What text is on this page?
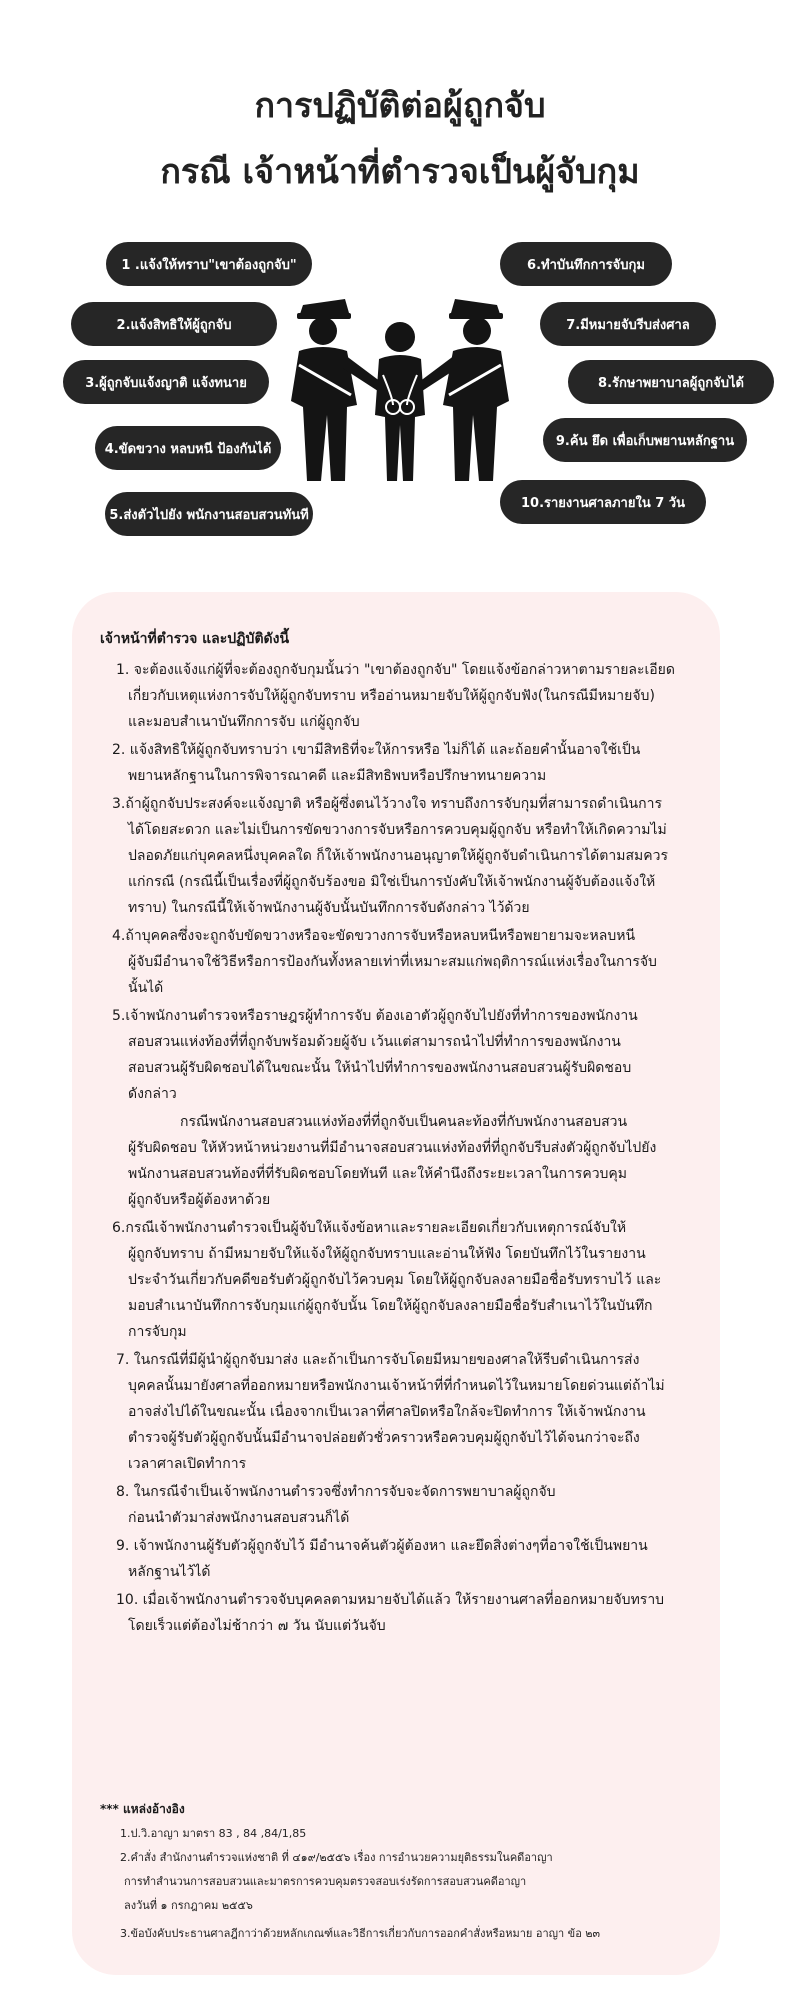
การปฏิบัติต่อผู้ถูกจับ
กรณี เจ้าหน้าที่ตำรวจเป็นผู้จับกุม
1 .แจ้งให้ทราบ"เขาต้องถูกจับ"
2.แจ้งสิทธิให้ผู้ถูกจับ
3.ผู้ถูกจับแจ้งญาติ แจ้งทนาย
4.ขัดขวาง หลบหนี ป้องกันได้
5.ส่งตัวไปยัง พนักงานสอบสวนทันที
6.ทำบันทึกการจับกุม
7.มีหมายจับรีบส่งศาล
8.รักษาพยาบาลผู้ถูกจับได้
9.ค้น ยึด เพื่อเก็บพยานหลักฐาน
10.รายงานศาลภายใน 7 วัน
เจ้าหน้าที่ตำรวจ และปฏิบัติดังนี้
1. จะต้องแจ้งแก่ผู้ที่จะต้องถูกจับกุมนั้นว่า "เขาต้องถูกจับ" โดยแจ้งข้อกล่าวหาตามรายละเอียด
เกี่ยวกับเหตุแห่งการจับให้ผู้ถูกจับทราบ หรืออ่านหมายจับให้ผู้ถูกจับฟัง(ในกรณีมีหมายจับ)
และมอบสำเนาบันทึกการจับ แก่ผู้ถูกจับ
2. แจ้งสิทธิให้ผู้ถูกจับทราบว่า เขามีสิทธิที่จะให้การหรือ ไม่ก็ได้ และถ้อยคำนั้นอาจใช้เป็น
พยานหลักฐานในการพิจารณาคดี และมีสิทธิพบหรือปรึกษาทนายความ
3.ถ้าผู้ถูกจับประสงค์จะแจ้งญาติ หรือผู้ซึ่งตนไว้วางใจ ทราบถึงการจับกุมที่สามารถดำเนินการ
ได้โดยสะดวก และไม่เป็นการขัดขวางการจับหรือการควบคุมผู้ถูกจับ หรือทำให้เกิดความไม่
ปลอดภัยแก่บุคคลหนึ่งบุคคลใด ก็ให้เจ้าพนักงานอนุญาตให้ผู้ถูกจับดำเนินการได้ตามสมควร
แก่กรณี (กรณีนี้เป็นเรื่องที่ผู้ถูกจับร้องขอ มิใช่เป็นการบังคับให้เจ้าพนักงานผู้จับต้องแจ้งให้
ทราบ) ในกรณีนี้ให้เจ้าพนักงานผู้จับนั้นบันทึกการจับดังกล่าว ไว้ด้วย
4.ถ้าบุคคลซึ่งจะถูกจับขัดขวางหรือจะขัดขวางการจับหรือหลบหนีหรือพยายามจะหลบหนี
ผู้จับมีอำนาจใช้วิธีหรือการป้องกันทั้งหลายเท่าที่เหมาะสมแก่พฤติการณ์แห่งเรื่องในการจับ
นั้นได้
5.เจ้าพนักงานตำรวจหรือราษฎรผู้ทำการจับ ต้องเอาตัวผู้ถูกจับไปยังที่ทำการของพนักงาน
สอบสวนแห่งท้องที่ที่ถูกจับพร้อมด้วยผู้จับ เว้นแต่สามารถนำไปที่ทำการของพนักงาน
สอบสวนผู้รับผิดชอบได้ในขณะนั้น ให้นำไปที่ทำการของพนักงานสอบสวนผู้รับผิดชอบ
ดังกล่าว
กรณีพนักงานสอบสวนแห่งท้องที่ที่ถูกจับเป็นคนละท้องที่กับพนักงานสอบสวน
ผู้รับผิดชอบ ให้หัวหน้าหน่วยงานที่มีอำนาจสอบสวนแห่งท้องที่ที่ถูกจับรีบส่งตัวผู้ถูกจับไปยัง
พนักงานสอบสวนท้องที่ที่รับผิดชอบโดยทันที และให้คำนึงถึงระยะเวลาในการควบคุม
ผู้ถูกจับหรือผู้ต้องหาด้วย
6.กรณีเจ้าพนักงานตำรวจเป็นผู้จับให้แจ้งข้อหาและรายละเอียดเกี่ยวกับเหตุการณ์จับให้
ผู้ถูกจับทราบ ถ้ามีหมายจับให้แจ้งให้ผู้ถูกจับทราบและอ่านให้ฟัง โดยบันทึกไว้ในรายงาน
ประจำวันเกี่ยวกับคดีขอรับตัวผู้ถูกจับไว้ควบคุม โดยให้ผู้ถูกจับลงลายมือชื่อรับทราบไว้ และ
มอบสำเนาบันทึกการจับกุมแก่ผู้ถูกจับนั้น โดยให้ผู้ถูกจับลงลายมือชื่อรับสำเนาไว้ในบันทึก
การจับกุม
7. ในกรณีที่มีผู้นำผู้ถูกจับมาส่ง และถ้าเป็นการจับโดยมีหมายของศาลให้รีบดำเนินการส่ง
บุคคลนั้นมายังศาลที่ออกหมายหรือพนักงานเจ้าหน้าที่ที่กำหนดไว้ในหมายโดยด่วนแต่ถ้าไม่
อาจส่งไปได้ในขณะนั้น เนื่องจากเป็นเวลาที่ศาลปิดหรือใกล้จะปิดทำการ ให้เจ้าพนักงาน
ตำรวจผู้รับตัวผู้ถูกจับนั้นมีอำนาจปล่อยตัวชั่วคราวหรือควบคุมผู้ถูกจับไว้ได้จนกว่าจะถึง
เวลาศาลเปิดทำการ
8. ในกรณีจำเป็นเจ้าพนักงานตำรวจซึ่งทำการจับจะจัดการพยาบาลผู้ถูกจับ
ก่อนนำตัวมาส่งพนักงานสอบสวนก็ได้
9. เจ้าพนักงานผู้รับตัวผู้ถูกจับไว้ มีอำนาจค้นตัวผู้ต้องหา และยึดสิ่งต่างๆที่อาจใช้เป็นพยาน
หลักฐานไว้ได้
10. เมื่อเจ้าพนักงานตำรวจจับบุคคลตามหมายจับได้แล้ว ให้รายงานศาลที่ออกหมายจับทราบ
โดยเร็วแต่ต้องไม่ช้ากว่า ๗ วัน นับแต่วันจับ
*** แหล่งอ้างอิง
1.ป.วิ.อาญา มาตรา 83 , 84 ,84/1,85
2.คำสั่ง สำนักงานตำรวจแห่งชาติ ที่ ๔๑๙/๒๕๕๖ เรื่อง การอำนวยความยุติธรรมในคดีอาญา
การทำสำนวนการสอบสวนและมาตรการควบคุมตรวจสอบเร่งรัดการสอบสวนคดีอาญา
ลงวันที่ ๑ กรกฎาคม ๒๕๕๖
3.ข้อบังคับประธานศาลฎีกาว่าด้วยหลักเกณฑ์และวิธีการเกี่ยวกับการออกคำสั่งหรือหมาย อาญา ข้อ ๒๓
